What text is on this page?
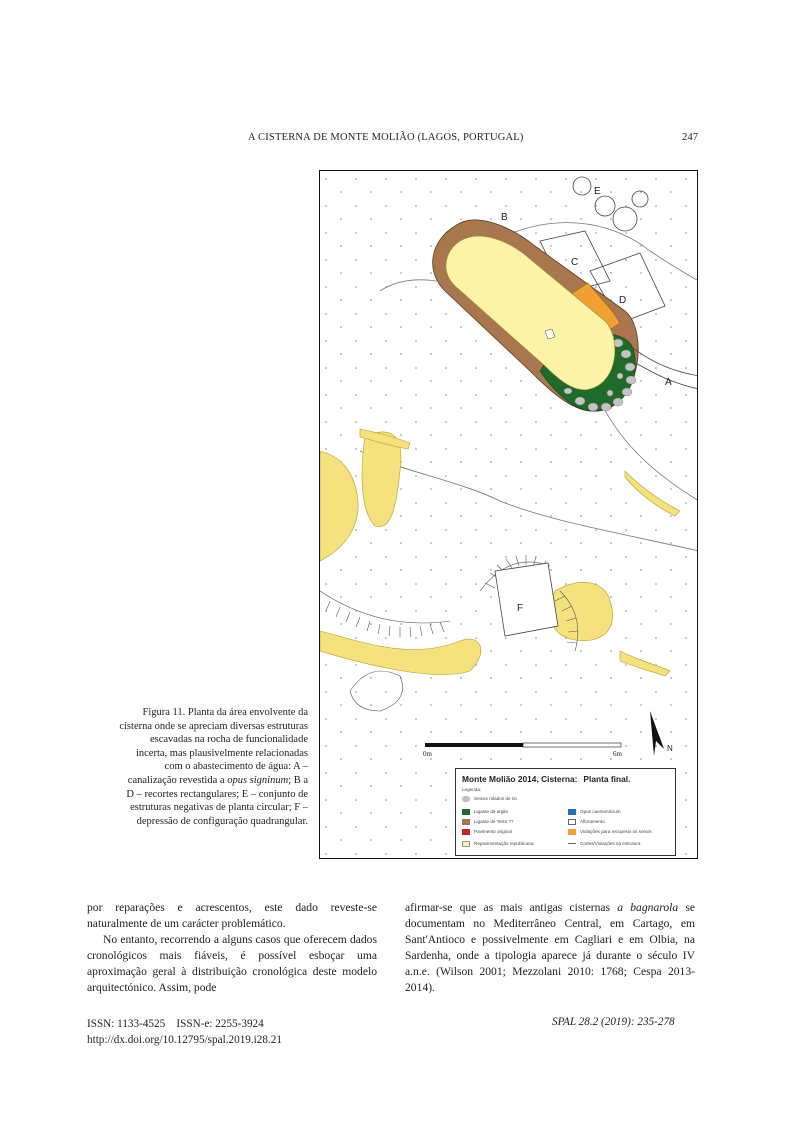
A CISTERNA DE MONTE MOLIÃO (LAGOS, PORTUGAL)	247
E
B
C
D
A
F
0m	6m
N
Monte Molião 2014, Cisterna: Planta final.
Legenda:
Seixos rolados de rio
Ligante de argila
Ligante de Terra ??
Pavimento original
Repavimentação republicana
Opus caementicium
Afloramento
Violações para recuperar os seixos
Cortes/Violações na estrutura
Figura 11. Planta da área envolvente da cisterna onde se apreciam diversas estruturas escavadas na rocha de funcionalidade incerta, mas plausivelmente relacionadas com o abastecimento de água: A – canalização revestida a opus signinum; B a D – recortes rectangulares; E – conjunto de estruturas negativas de planta circular; F – depressão de configuração quadrangular.

por reparações e acrescentos, este dado reveste-se naturalmente de um carácter problemático.

No entanto, recorrendo a alguns casos que oferecem dados cronológicos mais fiáveis, é possível esboçar uma aproximação geral à distribuição cronológica deste modelo arquitectónico. Assim, pode

afirmar-se que as mais antigas cisternas a bagnarola se documentam no Mediterrâneo Central, em Cartago, em Sant'Antioco e possivelmente em Cagliari e em Olbia, na Sardenha, onde a tipologia aparece já durante o século IV a.n.e. (Wilson 2001; Mezzolani 2010: 1768; Cespa 2013-2014).

ISSN: 1133-4525    ISSN-e: 2255-3924
http://dx.doi.org/10.12795/spal.2019.i28.21
SPAL 28.2 (2019): 235-278
